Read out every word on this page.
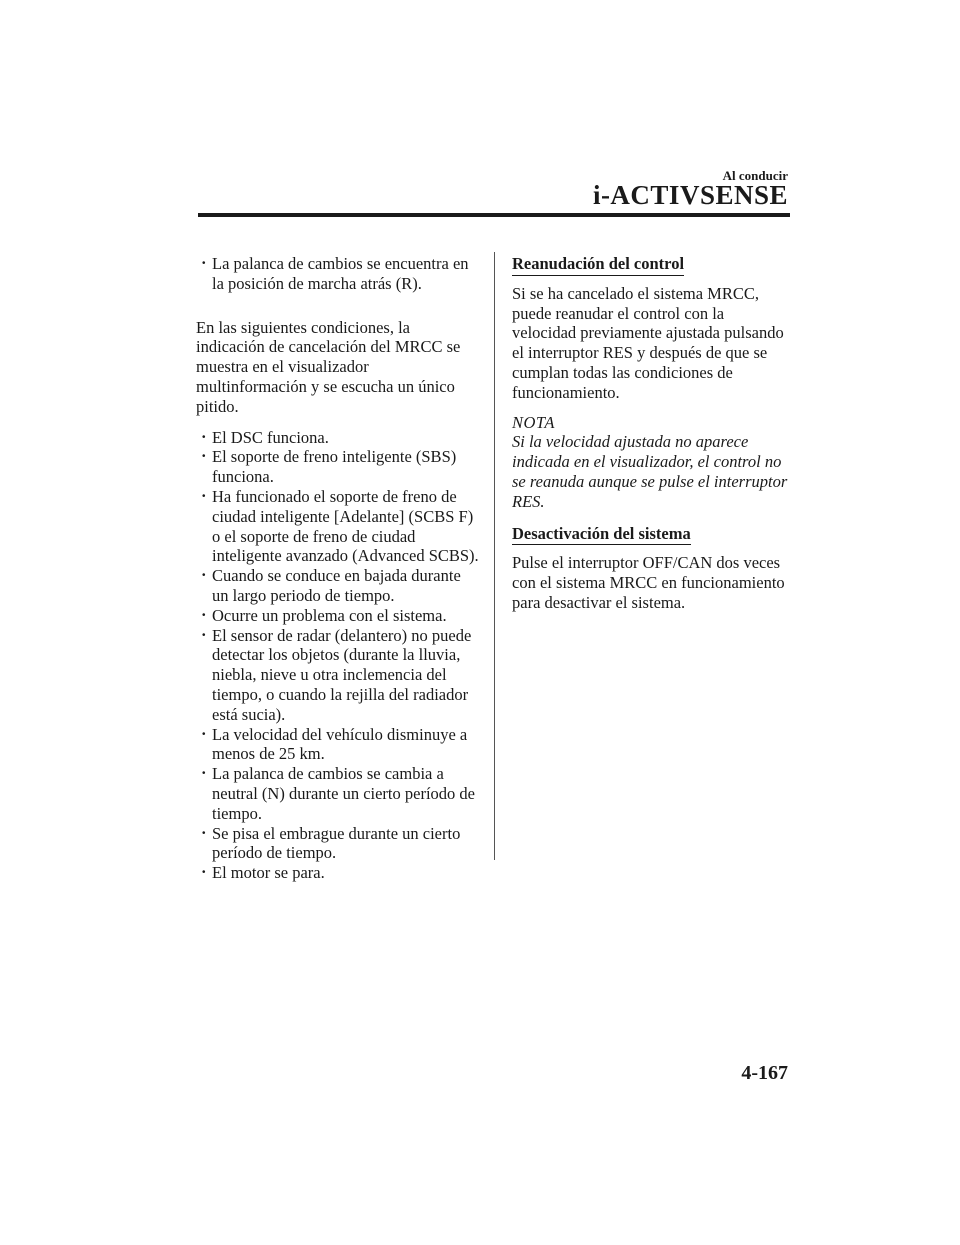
Al conducir
i-ACTIVSENSE
· La palanca de cambios se encuentra en la posición de marcha atrás (R).

En las siguientes condiciones, la indicación de cancelación del MRCC se muestra en el visualizador multinformación y se escucha un único pitido.

· El DSC funciona.
· El soporte de freno inteligente (SBS) funciona.
· Ha funcionado el soporte de freno de ciudad inteligente [Adelante] (SCBS F) o el soporte de freno de ciudad inteligente avanzado (Advanced SCBS).
· Cuando se conduce en bajada durante un largo periodo de tiempo.
· Ocurre un problema con el sistema.
· El sensor de radar (delantero) no puede detectar los objetos (durante la lluvia, niebla, nieve u otra inclemencia del tiempo, o cuando la rejilla del radiador está sucia).
· La velocidad del vehículo disminuye a menos de 25 km.
· La palanca de cambios se cambia a neutral (N) durante un cierto período de tiempo.
· Se pisa el embrague durante un cierto período de tiempo.
· El motor se para.
Reanudación del control

Si se ha cancelado el sistema MRCC, puede reanudar el control con la velocidad previamente ajustada pulsando el interruptor RES y después de que se cumplan todas las condiciones de funcionamiento.

NOTA

Si la velocidad ajustada no aparece indicada en el visualizador, el control no se reanuda aunque se pulse el interruptor RES.

Desactivación del sistema

Pulse el interruptor OFF/CAN dos veces con el sistema MRCC en funcionamiento para desactivar el sistema.

4-167
